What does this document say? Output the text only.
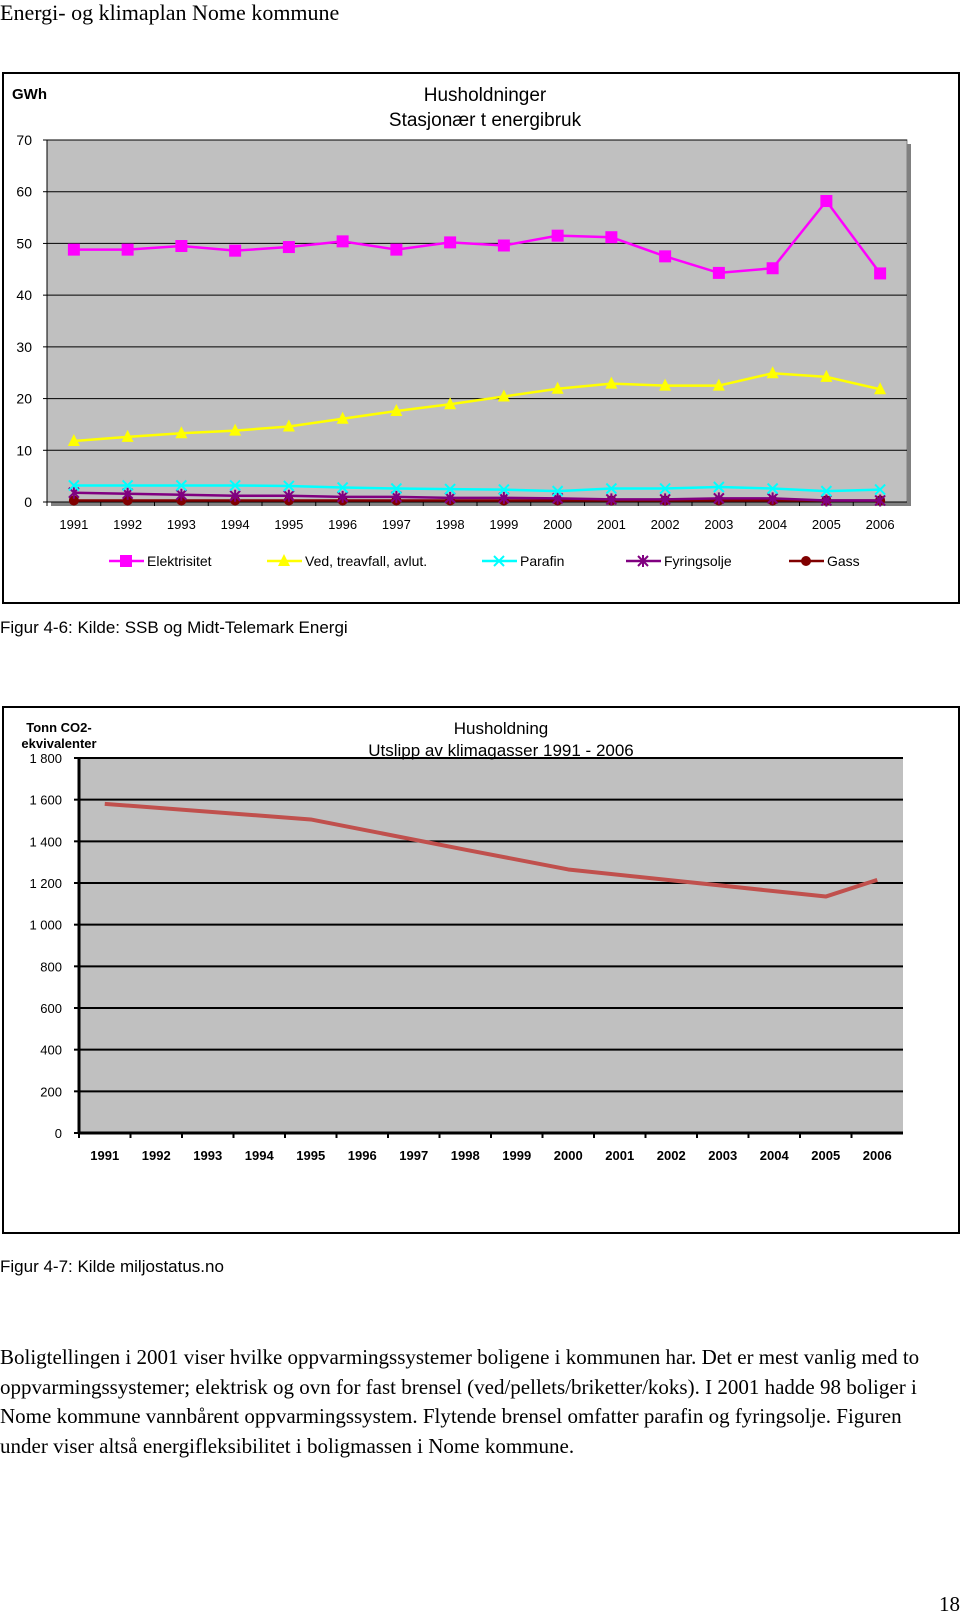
Energi- og klimaplan Nome kommune
0
10
20
30
40
50
60
70
1991 1992 1993 1994 1995 1996 1997 1998 1999 2000 2001 2002 2003 2004 2005 2006
GWh	Husholdninger
Stasjonær t energibruk
Elektrisitet	Ved, treavfall, avlut.	Parafin	Fyringsolje	Gass
Figur 4-6: Kilde: SSB og Midt-Telemark Energi
0
200
400
600
800
1 000
1 200
1 400
1 600
1 800
1991 1992 1993 1994 1995 1996 1997 1998 1999 2000 2001 2002 2003 2004 2005 2006
Tonn CO2-
ekvivalenter
Husholdning
Utslipp av klimagasser 1991 - 2006
Figur 4-7: Kilde miljostatus.no

Boligtellingen i 2001 viser hvilke oppvarmingssystemer boligene i kommunen har. Det er mest vanlig med to oppvarmingssystemer; elektrisk og ovn for fast brensel (ved/pellets/briketter/koks). I 2001 hadde 98 boliger i Nome kommune vannbårent oppvarmingssystem. Flytende brensel omfatter parafin og fyringsolje. Figuren under viser altså energifleksibilitet i boligmassen i Nome kommune.

18
